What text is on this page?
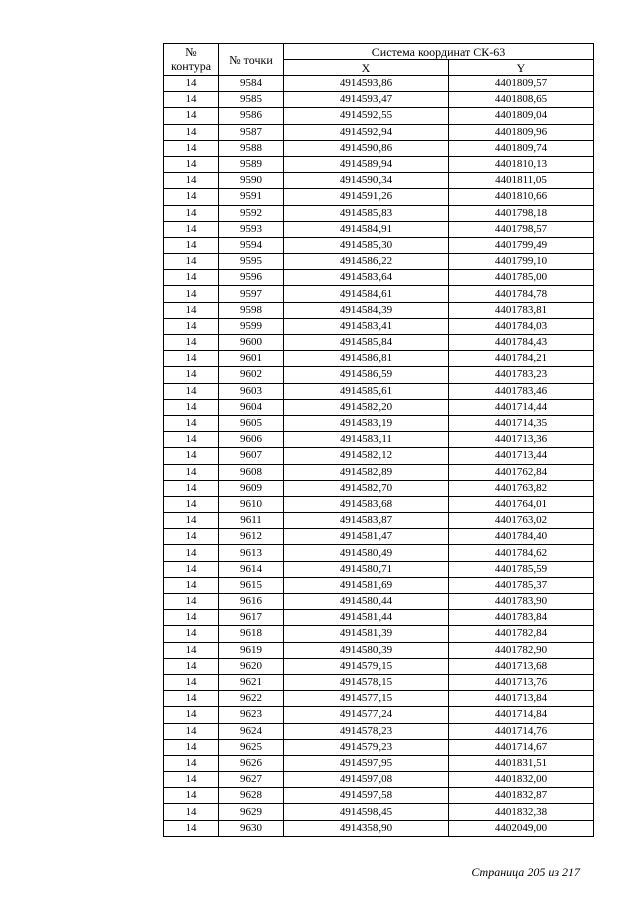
№ контура	№ точки	Система координат СК-63	
		X	Y
14	9584	4914593,86	4401809,57
14	9585	4914593,47	4401808,65
14	9586	4914592,55	4401809,04
14	9587	4914592,94	4401809,96
14	9588	4914590,86	4401809,74
14	9589	4914589,94	4401810,13
14	9590	4914590,34	4401811,05
14	9591	4914591,26	4401810,66
14	9592	4914585,83	4401798,18
14	9593	4914584,91	4401798,57
14	9594	4914585,30	4401799,49
14	9595	4914586,22	4401799,10
14	9596	4914583,64	4401785,00
14	9597	4914584,61	4401784,78
14	9598	4914584,39	4401783,81
14	9599	4914583,41	4401784,03
14	9600	4914585,84	4401784,43
14	9601	4914586,81	4401784,21
14	9602	4914586,59	4401783,23
14	9603	4914585,61	4401783,46
14	9604	4914582,20	4401714,44
14	9605	4914583,19	4401714,35
14	9606	4914583,11	4401713,36
14	9607	4914582,12	4401713,44
14	9608	4914582,89	4401762,84
14	9609	4914582,70	4401763,82
14	9610	4914583,68	4401764,01
14	9611	4914583,87	4401763,02
14	9612	4914581,47	4401784,40
14	9613	4914580,49	4401784,62
14	9614	4914580,71	4401785,59
14	9615	4914581,69	4401785,37
14	9616	4914580,44	4401783,90
14	9617	4914581,44	4401783,84
14	9618	4914581,39	4401782,84
14	9619	4914580,39	4401782,90
14	9620	4914579,15	4401713,68
14	9621	4914578,15	4401713,76
14	9622	4914577,15	4401713,84
14	9623	4914577,24	4401714,84
14	9624	4914578,23	4401714,76
14	9625	4914579,23	4401714,67
14	9626	4914597,95	4401831,51
14	9627	4914597,08	4401832,00
14	9628	4914597,58	4401832,87
14	9629	4914598,45	4401832,38
14	9630	4914358,90	4402049,00
Страница 205 из 217
